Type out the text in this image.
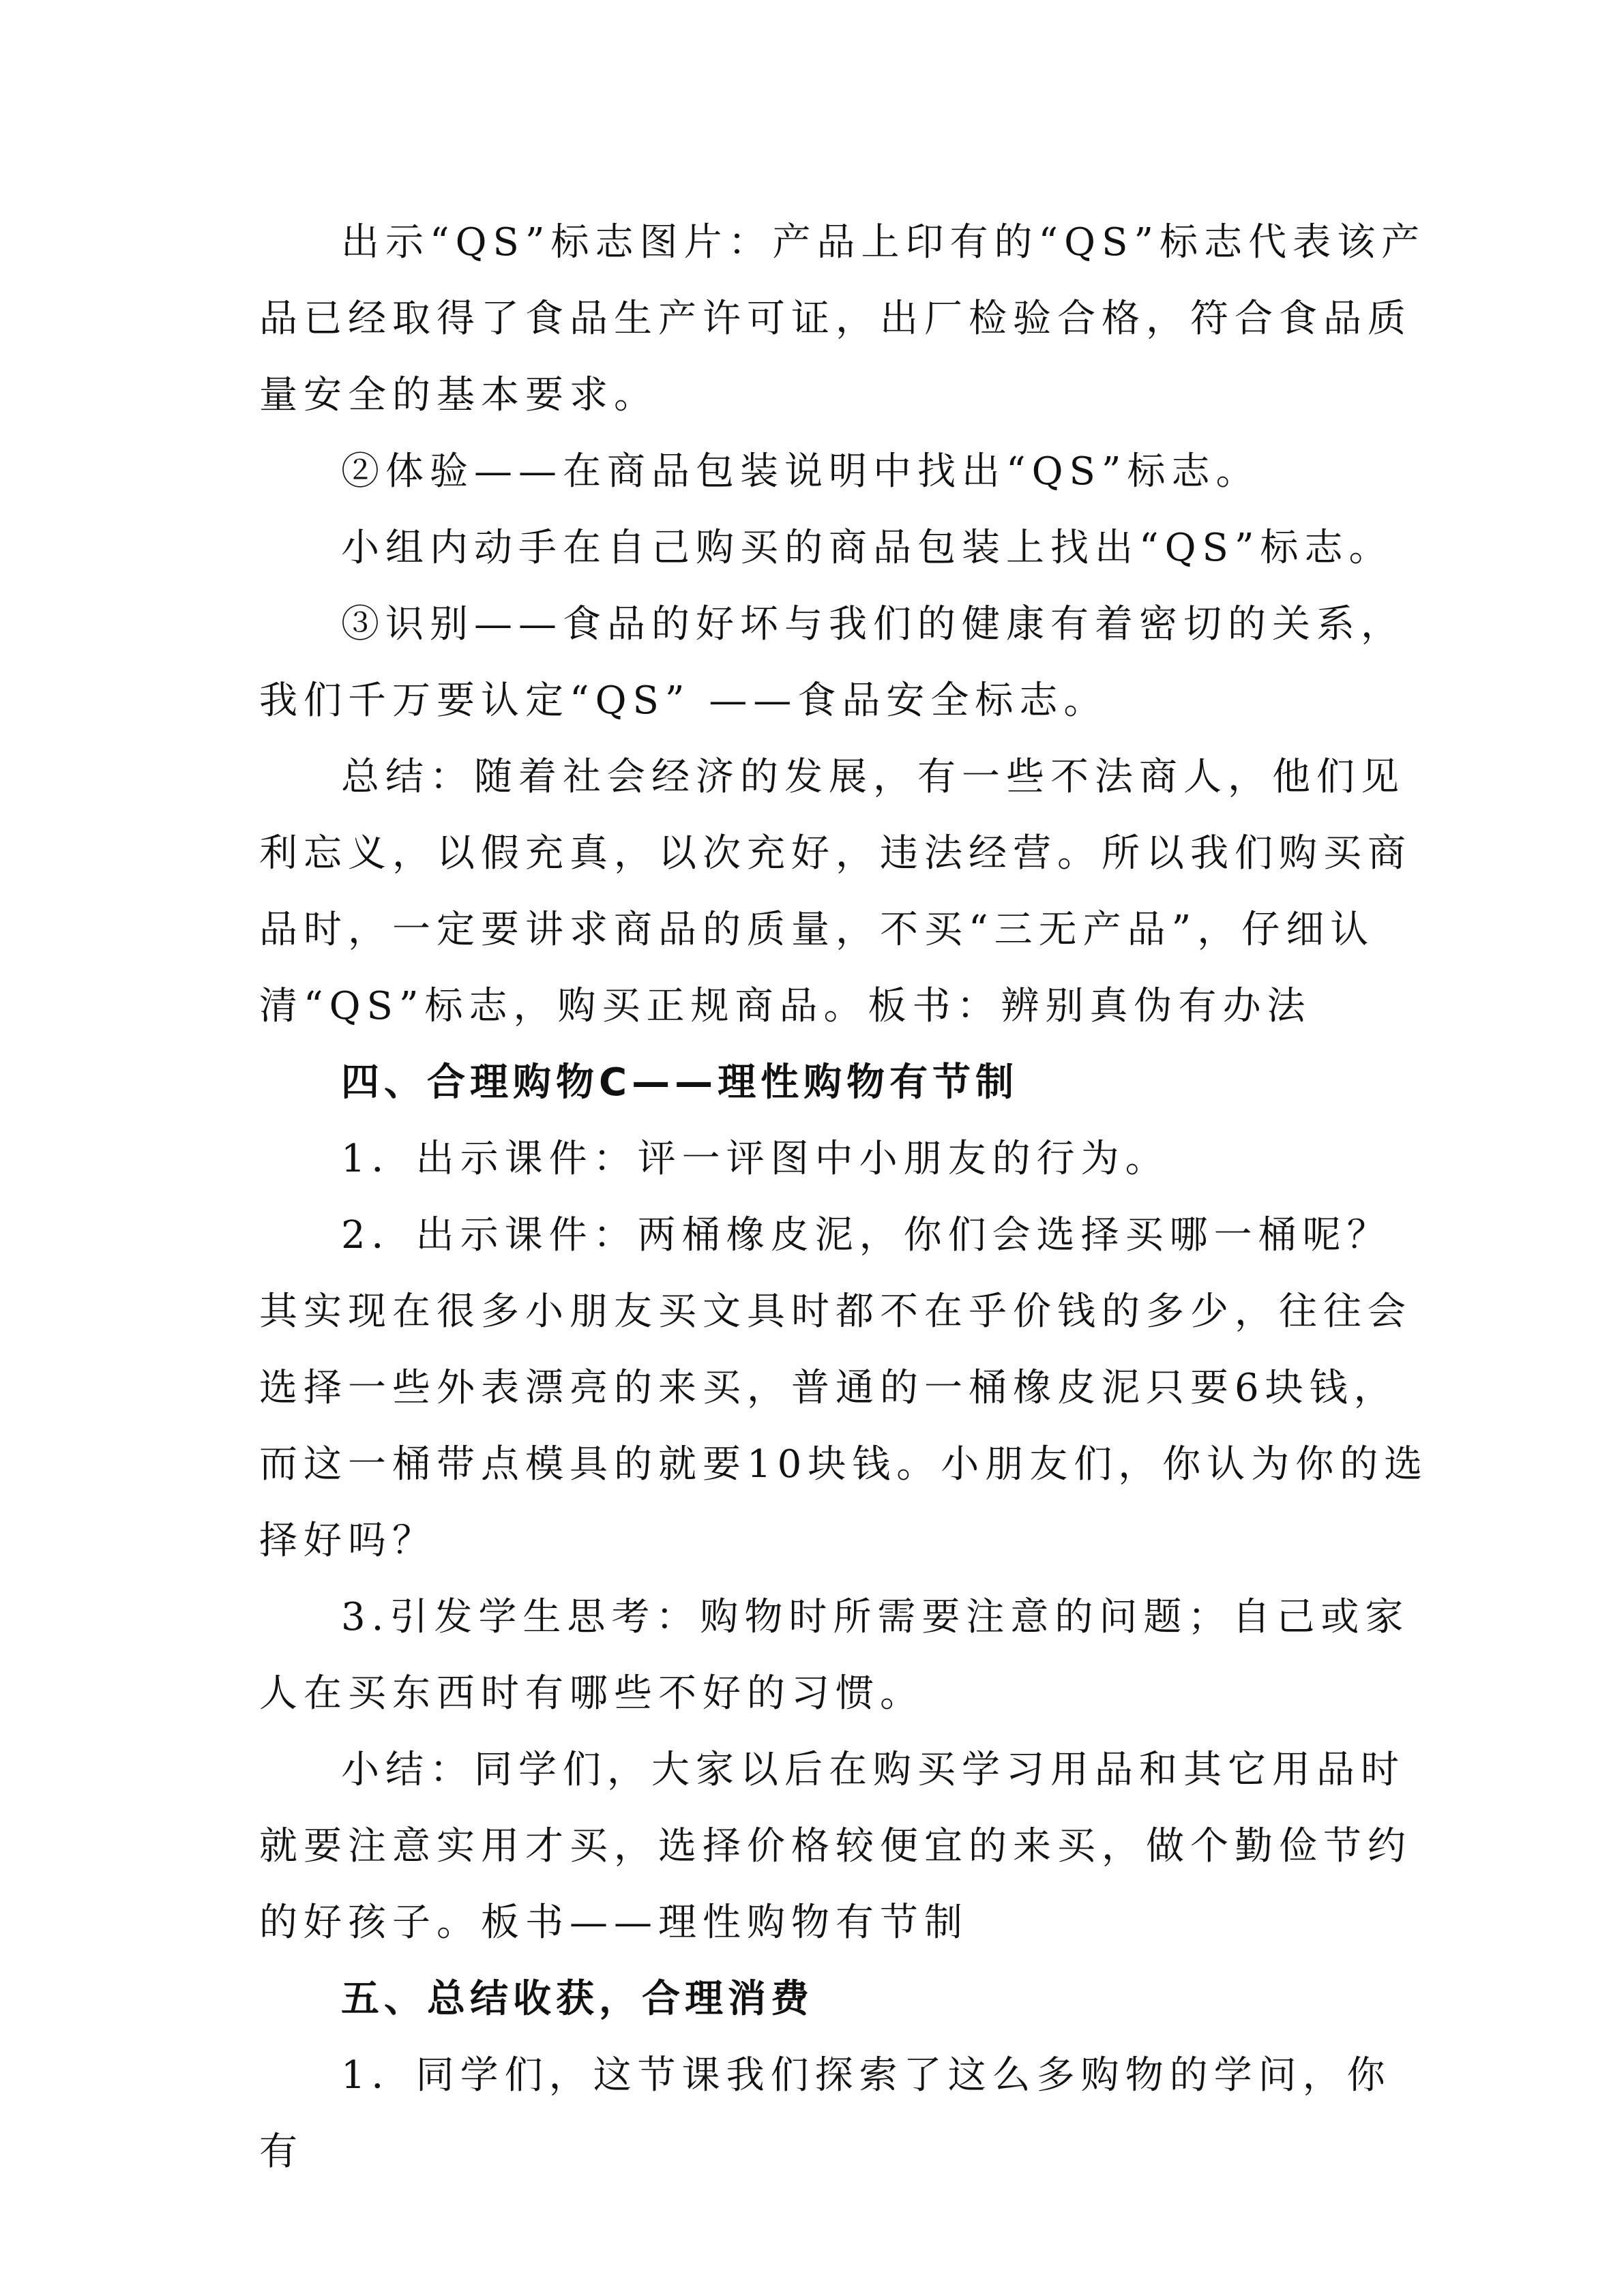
出示“QS”标志图片：产品上印有的“QS”标志代表该产品已经取得了食品生产许可证，出厂检验合格，符合食品质量安全的基本要求。

②体验——在商品包装说明中找出“QS”标志。

小组内动手在自己购买的商品包装上找出“QS”标志。

③识别——食品的好坏与我们的健康有着密切的关系，我们千万要认定“QS” ——食品安全标志。

总结：随着社会经济的发展，有一些不法商人，他们见利忘义，以假充真，以次充好，违法经营。所以我们购买商品时，一定要讲求商品的质量，不买“三无产品”，仔细认清“QS”标志，购买正规商品。板书：辨别真伪有办法

四、合理购物C——理性购物有节制

1．出示课件：评一评图中小朋友的行为。

2．出示课件：两桶橡皮泥，你们会选择买哪一桶呢？其实现在很多小朋友买文具时都不在乎价钱的多少，往往会选择一些外表漂亮的来买，普通的一桶橡皮泥只要6块钱，而这一桶带点模具的就要10块钱。小朋友们，你认为你的选择好吗？

3.引发学生思考：购物时所需要注意的问题；自己或家人在买东西时有哪些不好的习惯。

小结：同学们，大家以后在购买学习用品和其它用品时就要注意实用才买，选择价格较便宜的来买，做个勤俭节约的好孩子。板书——理性购物有节制

五、总结收获，合理消费

1．同学们，这节课我们探索了这么多购物的学问，你有
